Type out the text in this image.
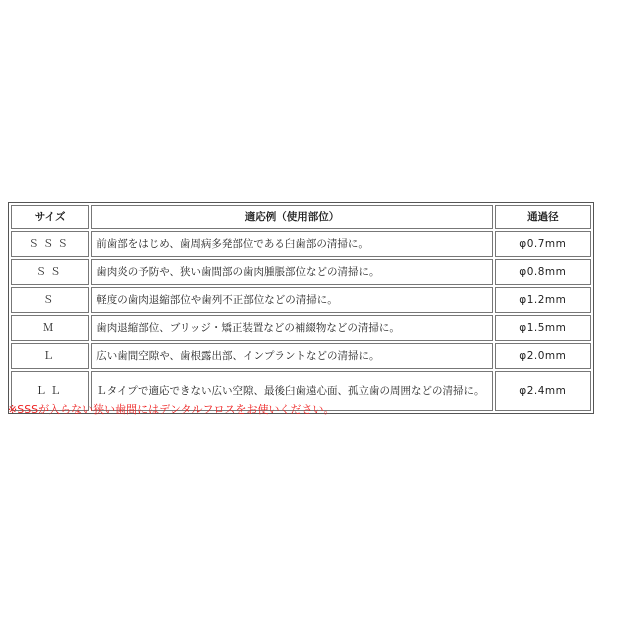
サイズ	適応例（使用部位）	通過径
ＳＳＳ	前歯部をはじめ、歯周病多発部位である臼歯部の清掃に。	φ0.7mm
ＳＳ	歯肉炎の予防や、狭い歯間部の歯肉腫脹部位などの清掃に。	φ0.8mm
Ｓ	軽度の歯肉退縮部位や歯列不正部位などの清掃に。	φ1.2mm
Ｍ	歯肉退縮部位、ブリッジ・矯正装置などの補綴物などの清掃に。	φ1.5mm
Ｌ	広い歯間空隙や、歯根露出部、インプラントなどの清掃に。	φ2.0mm
ＬＬ	Ｌタイプで適応できない広い空隙、最後臼歯遠心面、孤立歯の周囲などの清掃に。	φ2.4mm
※SSSが入らない狭い歯間にはデンタルフロスをお使いください。
